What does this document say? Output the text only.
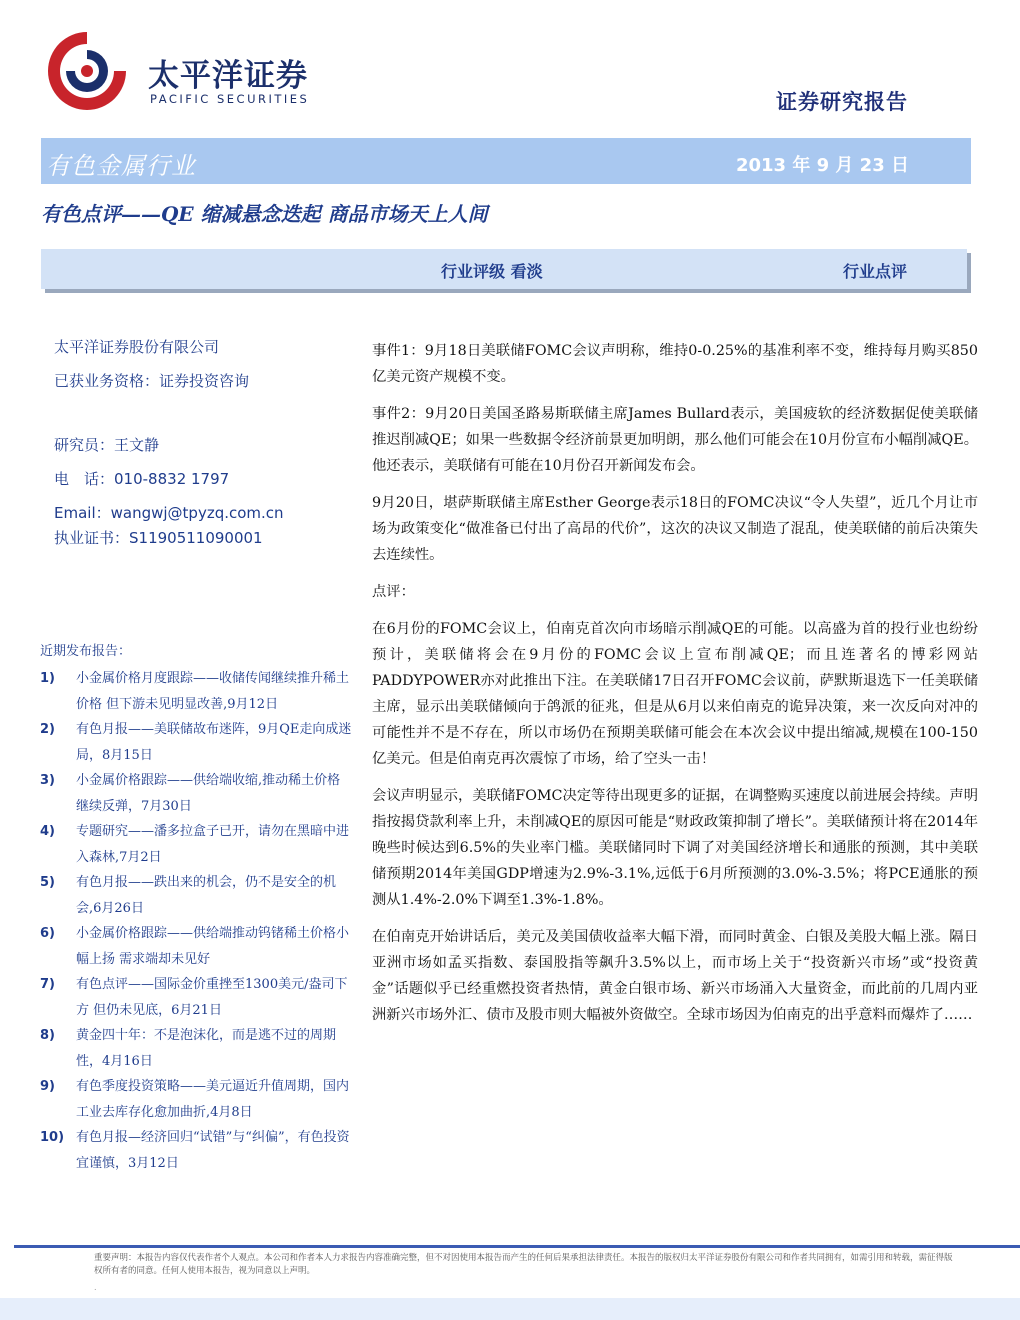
太平洋证券
PACIFIC SECURITIES	证券研究报告
有色金属行业	2013 年 9 月 23 日
有色点评——QE 缩减悬念迭起 商品市场天上人间
行业评级 看淡	行业点评
太平洋证券股份有限公司
已获业务资格：证券投资咨询
研究员：王文静
电　话：010-8832 1797
Email：wangwj@tpyzq.com.cn
执业证书：S1190511090001
近期发布报告：
1) 小金属价格月度跟踪——收储传闻继续推升稀土价格 但下游未见明显改善,9月12日
2) 有色月报——美联储故布迷阵，9月QE走向成迷局，8月15日
3) 小金属价格跟踪——供给端收缩,推动稀土价格继续反弹，7月30日
4) 专题研究——潘多拉盒子已开，请勿在黑暗中进入森林,7月2日
5) 有色月报——跌出来的机会，仍不是安全的机会,6月26日
6) 小金属价格跟踪——供给端推动钨锗稀土价格小幅上扬 需求端却未见好
7) 有色点评——国际金价重挫至1300美元/盎司下方 但仍未见底，6月21日
8) 黄金四十年：不是泡沫化，而是逃不过的周期性，4月16日
9) 有色季度投资策略——美元逼近升值周期，国内工业去库存化愈加曲折,4月8日
10) 有色月报—经济回归“试错”与“纠偏”，有色投资宜谨慎，3月12日

事件1：9月18日美联储FOMC会议声明称，维持0-0.25%的基准利率不变，维持每月购买850亿美元资产规模不变。

事件2：9月20日美国圣路易斯联储主席James Bullard表示，美国疲软的经济数据促使美联储推迟削减QE；如果一些数据令经济前景更加明朗，那么他们可能会在10月份宣布小幅削减QE。他还表示，美联储有可能在10月份召开新闻发布会。

9月20日，堪萨斯联储主席Esther George表示18日的FOMC决议“令人失望”，近几个月让市场为政策变化“做准备已付出了高昂的代价”，这次的决议又制造了混乱，使美联储的前后决策失去连续性。

点评：

在6月份的FOMC会议上，伯南克首次向市场暗示削减QE的可能。以高盛为首的投行业也纷纷预计，美联储将会在9月份的FOMC会议上宣布削减QE；而且连著名的博彩网站PADDYPOWER亦对此推出下注。在美联储17日召开FOMC会议前，萨默斯退选下一任美联储主席，显示出美联储倾向于鸽派的征兆，但是从6月以来伯南克的诡异决策，来一次反向对冲的可能性并不是不存在，所以市场仍在预期美联储可能会在本次会议中提出缩减,规模在100-150亿美元。但是伯南克再次震惊了市场，给了空头一击！

会议声明显示，美联储FOMC决定等待出现更多的证据，在调整购买速度以前进展会持续。声明指按揭贷款利率上升，未削减QE的原因可能是“财政政策抑制了增长”。美联储预计将在2014年晚些时候达到6.5%的失业率门槛。美联储同时下调了对美国经济增长和通胀的预测，其中美联储预期2014年美国GDP增速为2.9%-3.1%,远低于6月所预测的3.0%-3.5%；将PCE通胀的预测从1.4%-2.0%下调至1.3%-1.8%。

在伯南克开始讲话后，美元及美国债收益率大幅下滑，而同时黄金、白银及美股大幅上涨。隔日亚洲市场如孟买指数、泰国股指等飙升3.5%以上，而市场上关于“投资新兴市场”或“投资黄金”话题似乎已经重燃投资者热情，黄金白银市场、新兴市场涌入大量资金，而此前的几周内亚洲新兴市场外汇、债市及股市则大幅被外资做空。全球市场因为伯南克的出乎意料而爆炸了……

重要声明：本报告内容仅代表作者个人观点。本公司和作者本人力求报告内容准确完整，但不对因使用本报告而产生的任何后果承担法律责任。本报告的版权归太平洋证券股份有限公司和作者共同拥有，如需引用和转载，需征得版权所有者的同意。任何人使用本报告，视为同意以上声明。
.
